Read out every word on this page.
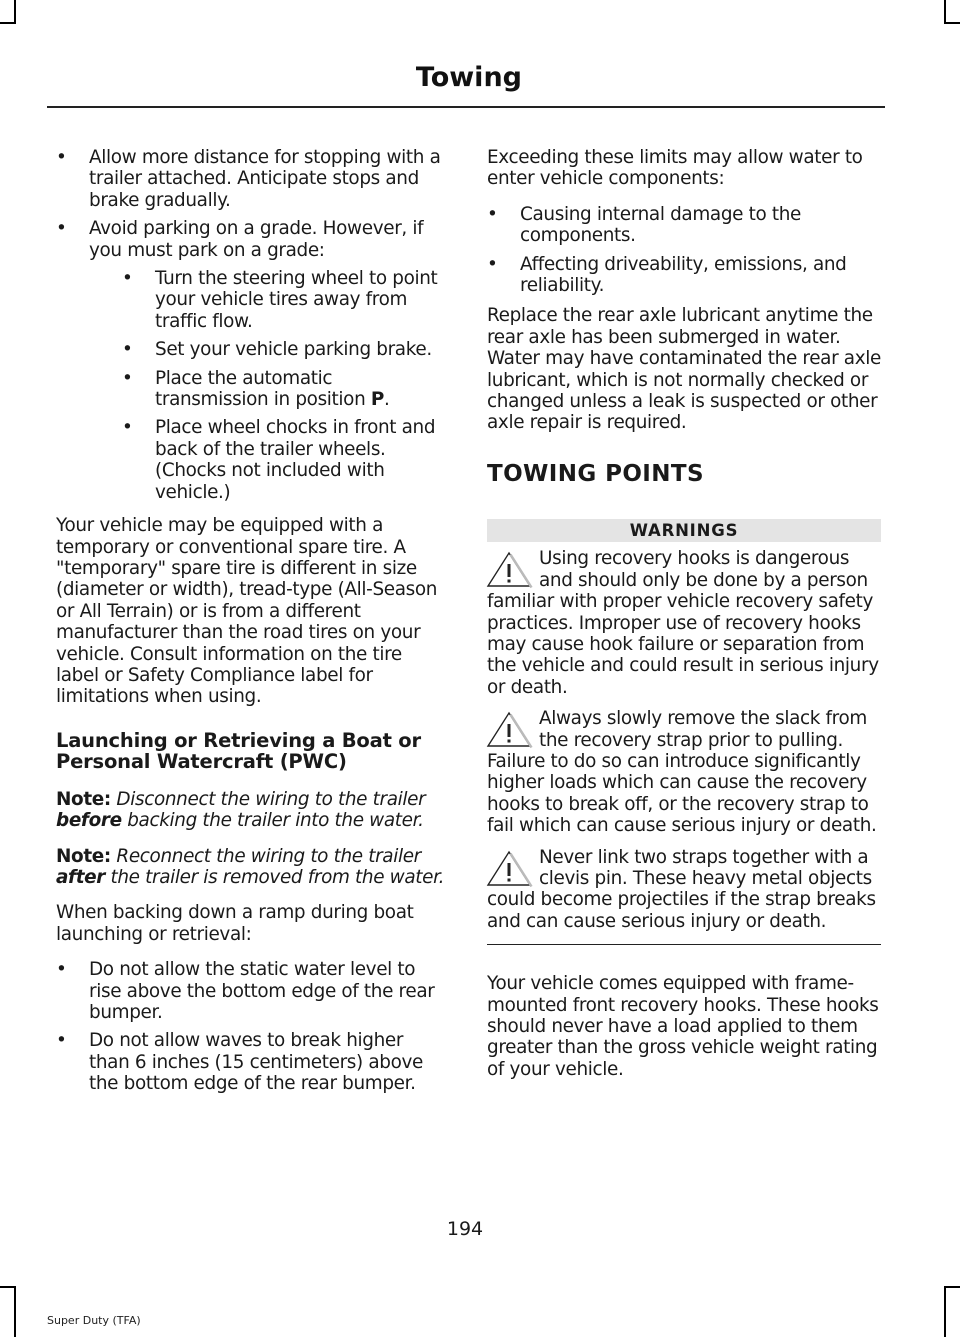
Towing
• Allow more distance for stopping with a trailer attached. Anticipate stops and brake gradually.
• Avoid parking on a grade. However, if you must park on a grade:
• Turn the steering wheel to point your vehicle tires away from traffic flow.
• Set your vehicle parking brake.
• Place the automatic transmission in position P.
• Place wheel chocks in front and back of the trailer wheels. (Chocks not included with vehicle.)

Your vehicle may be equipped with a temporary or conventional spare tire. A "temporary" spare tire is different in size (diameter or width), tread-type (All-Season or All Terrain) or is from a different manufacturer than the road tires on your vehicle. Consult information on the tire label or Safety Compliance label for limitations when using.

Launching or Retrieving a Boat or Personal Watercraft (PWC)

Note: Disconnect the wiring to the trailer before backing the trailer into the water.

Note: Reconnect the wiring to the trailer after the trailer is removed from the water.

When backing down a ramp during boat launching or retrieval:

• Do not allow the static water level to rise above the bottom edge of the rear bumper.
• Do not allow waves to break higher than 6 inches (15 centimeters) above the bottom edge of the rear bumper.

Exceeding these limits may allow water to enter vehicle components:

• Causing internal damage to the components.
• Affecting driveability, emissions, and reliability.

Replace the rear axle lubricant anytime the rear axle has been submerged in water. Water may have contaminated the rear axle lubricant, which is not normally checked or changed unless a leak is suspected or other axle repair is required.

TOWING POINTS
WARNINGS

Using recovery hooks is dangerous and should only be done by a person familiar with proper vehicle recovery safety practices. Improper use of recovery hooks may cause hook failure or separation from the vehicle and could result in serious injury or death.

Always slowly remove the slack from the recovery strap prior to pulling. Failure to do so can introduce significantly higher loads which can cause the recovery hooks to break off, or the recovery strap to fail which can cause serious injury or death.

Never link two straps together with a clevis pin. These heavy metal objects could become projectiles if the strap breaks and can cause serious injury or death.

Your vehicle comes equipped with frame-mounted front recovery hooks. These hooks should never have a load applied to them greater than the gross vehicle weight rating of your vehicle.

194
Super Duty (TFA)
